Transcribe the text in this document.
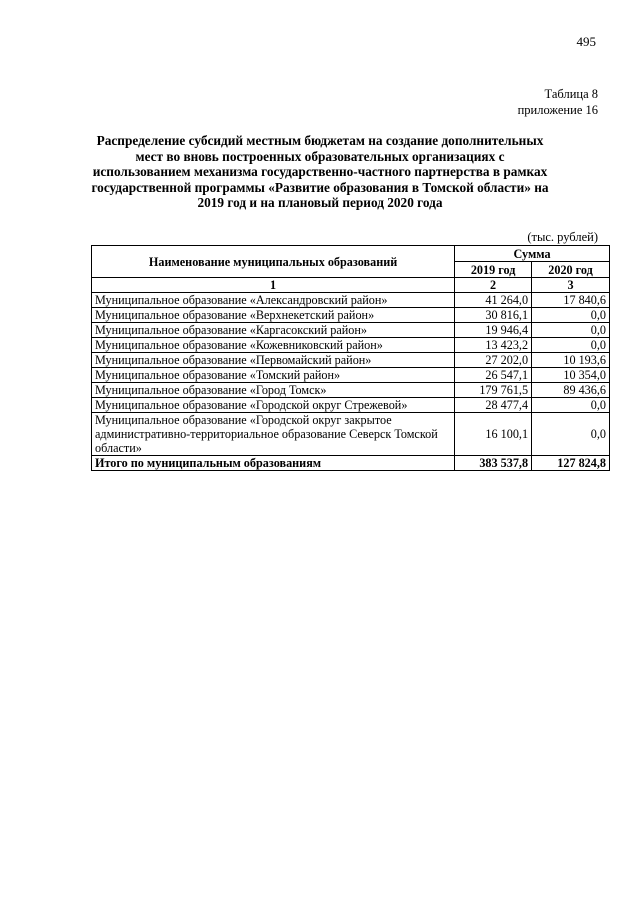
495
Таблица 8
приложение 16
Распределение субсидий местным бюджетам на создание дополнительных мест во вновь построенных образовательных организациях с использованием механизма государственно-частного партнерства в рамках государственной программы «Развитие образования в Томской области» на 2019 год и на плановый период 2020 года
(тыс. рублей)
Наименование муниципальных образований	Сумма	
	2019 год	2020 год
1	2	3
Муниципальное образование «Александровский район»	41 264,0	17 840,6
Муниципальное образование «Верхнекетский район»	30 816,1	0,0
Муниципальное образование «Каргасокский район»	19 946,4	0,0
Муниципальное образование «Кожевниковский район»	13 423,2	0,0
Муниципальное образование «Первомайский район»	27 202,0	10 193,6
Муниципальное образование «Томский район»	26 547,1	10 354,0
Муниципальное образование «Город Томск»	179 761,5	89 436,6
Муниципальное образование «Городской округ Стрежевой»	28 477,4	0,0
Муниципальное образование «Городской округ закрытое административно-территориальное образование Северск Томской области»	16 100,1	0,0
Итого по муниципальным образованиям	383 537,8	127 824,8
